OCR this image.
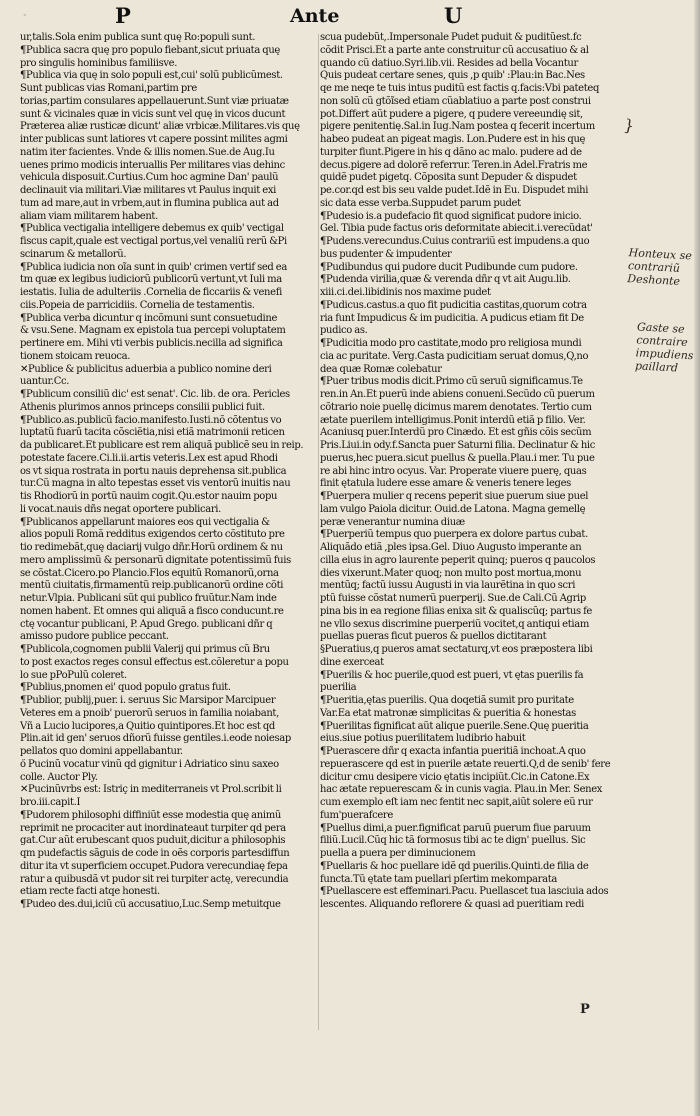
·	P	Ante	U
ur,talis.Sola enim publica sunt quę Ro:populi sunt.
¶Publica sacra quę pro populo fiebant,sicut priuata quę
pro singulis hominibus familiisve.
¶Publica via quę in solo populi est,cui' solũ publicũmest.
Sunt publicas vias Romani,partim pre
torias,partim consulares appellauerunt.Sunt viæ priuatæ
sunt & vicinales quæ in vicis sunt vel quę in vicos ducunt
Præterea aliæ rusticæ dicunt' aliæ vrbicæ.Militares.vis quę
inter publicas sunt latiores vt capere possint milites agmi
natim iter facientes. Vnde & illis nomen.Sue.de Aug.Iu
uenes primo modicis interuallis Per militares vias dehinc
vehicula disposuit.Curtius.Cum hoc agmine Dan' paulũ
declinauit via militari.Viæ militares vt Paulus inquit exi
tum ad mare,aut in vrbem,aut in flumina publica aut ad
aliam viam militarem habent.
¶Publica vectigalia intelligere debemus ex quib' vectigal
fiscus capit,quale est vectigal portus,vel venaliũ rerũ &Pi
scinarum & metallorũ.
¶Publica iudicia non oĩa sunt in quib' crimen vertif sed ea
tm quæ ex legibus iudiciorũ publicorũ vertunt,vt Iuli ma
iestatis. Iulia de adulteriis .Cornelia de ficcariis & venefi
ciis.Popeia de parricidiis. Cornelia de testamentis.
¶Publica verba dicuntur q incõmuni sunt consuetudine
& vsu.Sene. Magnam ex epistola tua percepi voluptatem
pertinere em. Mihi vti verbis publicis.necilla ad significa
tionem stoicam reuoca.
✕Publice & publicitus aduerbia a publico nomine deri
uantur.Cc.
¶Publicum consiliũ dic' est senat'. Cic. lib. de ora. Pericles
Athenis plurimos annos princeps consilii publici fuit.
¶Publico.as.publicũ facio.manifesto.Iusti.nõ cõtentus vo
luptatũ fuarũ tacita cõsciẽtia,nisi etiã matrimonii reticen
da publicaret.Et publicare est rem aliquã publicẽ seu in reip.
potestate facere.Ci.li.ii.artis veteris.Lex est apud Rhodi
os vt siqua rostrata in portu nauis deprehensa sit.publica
tur.Cũ magna in alto tepestas esset vis ventorũ inuitis nau
tis Rhodiorũ in portũ nauim cogit.Qu.estor nauim popu
li vocat.nauis dñs negat oportere publicari.
¶Publicanos appellarunt maiores eos qui vectigalia &
alios populi Romã redditus exigendos certo cõstituto pre
tio redimebãt,quę daciarij vulgo dñr.Horũ ordinem & nu
mero amplissimũ & personarũ dignitate potentissimũ fuis
se cõstat.Cicero.po Plancio.Flos equitũ Romanorũ,orna
mentũ ciuitatis,firmamentũ reip.publicanorũ ordine cõti
netur.Vlpia. Publicani sũt qui publico fruũtur.Nam inde
nomen habent. Et omnes qui aliquã a fisco conducunt.re
ctę vocantur publicani, P. Apud Grego. publicani dñr q
amisso pudore publice peccant.
¶Publicola,cognomen publii Valerij qui primus cũ Bru
to post exactos reges consul effectus est.cõleretur a popu
lo sue pPoPulũ coleret.
¶Publius,pnomen ei' quod populo gratus fuit.
¶Publior, publij,puer. i. seruus Sic Marsipor Marcipuer
Veteres em a pnoib' puerorũ seruos in familia noiabant,
Vñ a Lucio lucipores,a Quitio quintipores.Et hoc est qd
Plin.ait id gen' seruos dñorũ fuisse gentiles.i.eode noiesap
pellatos quo domini appellabantur.
ő Pucinũ vocatur vinũ qd gignitur i Adriatico sinu saxeo
colle. Auctor Ply.
✕Pucinũvrbs est: Istriç in mediterraneis vt Prol.scribit li
bro.iii.capit.I
¶Pudorem philosophi diffiniũt esse modestia quę animũ
reprimit ne procaciter aut inordinateaut turpiter qd pera
gat.Cur aũt erubescant quos puduit,dicitur a philosophis
qm pudefactis sãguis de code in oẽs corporis partesdiffun
ditur ita vt superficiem occupet.Pudora verecundiaę fepa
ratur a quibusdã vt pudor sit rei turpiter actę, verecundia
etiam recte facti atqe honesti.
¶Pudeo des.dui,iciũ cũ accusatiuo,Luc.Semp metuitque
scua pudebũt,.Impersonale Pudet puduit & puditũest.fc
cõdit Prisci.Et a parte ante construitur cũ accusatiuo & al
quando cũ datiuo.Syri.lib.vii. Resides ad bella Vocantur
Quis pudeat certare senes, quis ,p quib' :Plau:in Bac.Nes
qe me neqe te tuis intus puditũ est factis q.facis:Vbi pateteq
non solũ cũ gtõĩsed etiam cũablatiuo a parte post construi
pot.Differt aũt pudere a pigere, q pudere vereeundię sit,
pigere penitentię.Sal.in Iug.Nam postea q fecerit incertum
habeo pudeat an pigeat magis. Lon.Pudere est in his quę
turpiter fiunt.Pigere in his q dãno ac malo. pudere ad de
decus.pigere ad dolorẽ referrur. Teren.in Adel.Fratris me
quidẽ pudet pigetq. Cõposita sunt Depuder & dispudet
pe.cor.qd est bis seu valde pudet.Idẽ in Eu. Dispudet mihi
sic data esse verba.Suppudet parum pudet
¶Pudesio is.a pudefacio fit quod significat pudore inicio.
Gel. Tibia pude factus oris deformitate abiecit.i.verecũdat'
¶Pudens.verecundus.Cuius contrariũ est impudens.a quo
bus pudenter & impudenter
¶Pudibundus qui pudore ducit Pudibunde cum pudore.
¶Pudenda virilia,quæ & verenda dñr q vt ait Augu.lib.
xiii.ci.dei.libidinis nos maxime pudet
¶Pudicus.castus.a quo fit pudicitia castitas,quorum cotra
ria funt Impudicus & im pudicitia. A pudicus etiam fit De
pudico as.
¶Pudicitia modo pro castitate,modo pro religiosa mundi
cia ac puritate. Verg.Casta pudicitiam seruat domus,Q,no
dea quæ Romæ colebatur
¶Puer tribus modis dicit.Primo cũ seruũ significamus.Te
ren.in An.Et puerũ inde abiens conueni.Secũdo cũ puerum
cõtrario noie puellę dicimus marem denotates. Tertio cum
ætate puerilem intelligimus.Ponit interdũ etiã p filio. Ver.
Acaniusq puer.Interdũ pro Cinædo. Et est gñis cõis secũm
Pris.Liui.in ody.f.Sancta puer Saturni filia. Declinatur & hic
puerus,hec puera.sicut puellus & puella.Plau.i mer. Tu pue
re abi hinc intro ocyus. Var. Properate viuere puerę, quas
finit ętatula ludere esse amare & veneris tenere leges
¶Puerpera mulier q recens peperit siue puerum siue puel
lam vulgo Paiola dicitur. Ouid.de Latona. Magna gemellę
peræ venerantur numina diuæ
¶Puerperiũ tempus quo puerpera ex dolore partus cubat.
Aliquãdo etiã ,ples ipsa.Gel. Diuo Augusto imperante an
cilla eius in agro laurente peperit quinq; pueros q paucolos
dies vixerunt.Mater quoq; non multo post mortua,monu
mentũq; factũ iussu Augusti in via laurẽtina in quo scri
ptũ fuisse cõstat numerũ puerperij. Sue.de Cali.Cũ Agrip
pina bis in ea regione filias enixa sit & qualiscũq; partus fe
ne vllo sexus discrimine puerperiũ vocitet,q antiqui etiam
puellas pueras ficut pueros & puellos dictitarant
§Pueratius,q pueros amat sectaturq,vt eos præpostera libi
dine exerceat
¶Puerilis & hoc puerile,quod est pueri, vt ętas puerilis fa
puerilia
¶Pueritia,ętas puerilis. Qua doqetiã sumit pro puritate
Var.Ea etat matronæ simplicitas & pueritia & honestas
¶Puerilitas fignificat aũt alique puerile.Sene.Quę pueritia
eius.siue potius puerilitatem ludibrio habuit
¶Puerascere dñr q exacta infantia pueritiã inchoat.A quo
repuerascere qd est in puerile ætate reuerti.Q,d de senib' fere
dicitur cmu desipere vicio ętatis incipiũt.Cic.in Catone.Ex
hac ætate repuerescam & in cunis vagia. Plau.in Mer. Senex
cum exemplo eſt iam nec fentit nec sapit,aiũt solere eũ rur
fum'puerafcere
¶Puellus dimi,a puer.fignificat paruũ puerum fiue paruum
filiũ.Lucil.Cũq hic tã formosus tibi ac te dign' puellus. Sic
puella a puera per diminucionem
¶Puellaris & hoc puellare idẽ qd puerilis.Quinti.de filia de
functa.Tũ ętate tam puellari pſertim mekomparata
¶Puellascere est effeminari.Pacu. Puellascet tua lasciuia ados
lescentes. Aliquando reflorere & quasi ad pueritiam redi
}
Honteux se contrariũ Deshonte
Gaste se contraire impudiens paillard
P
